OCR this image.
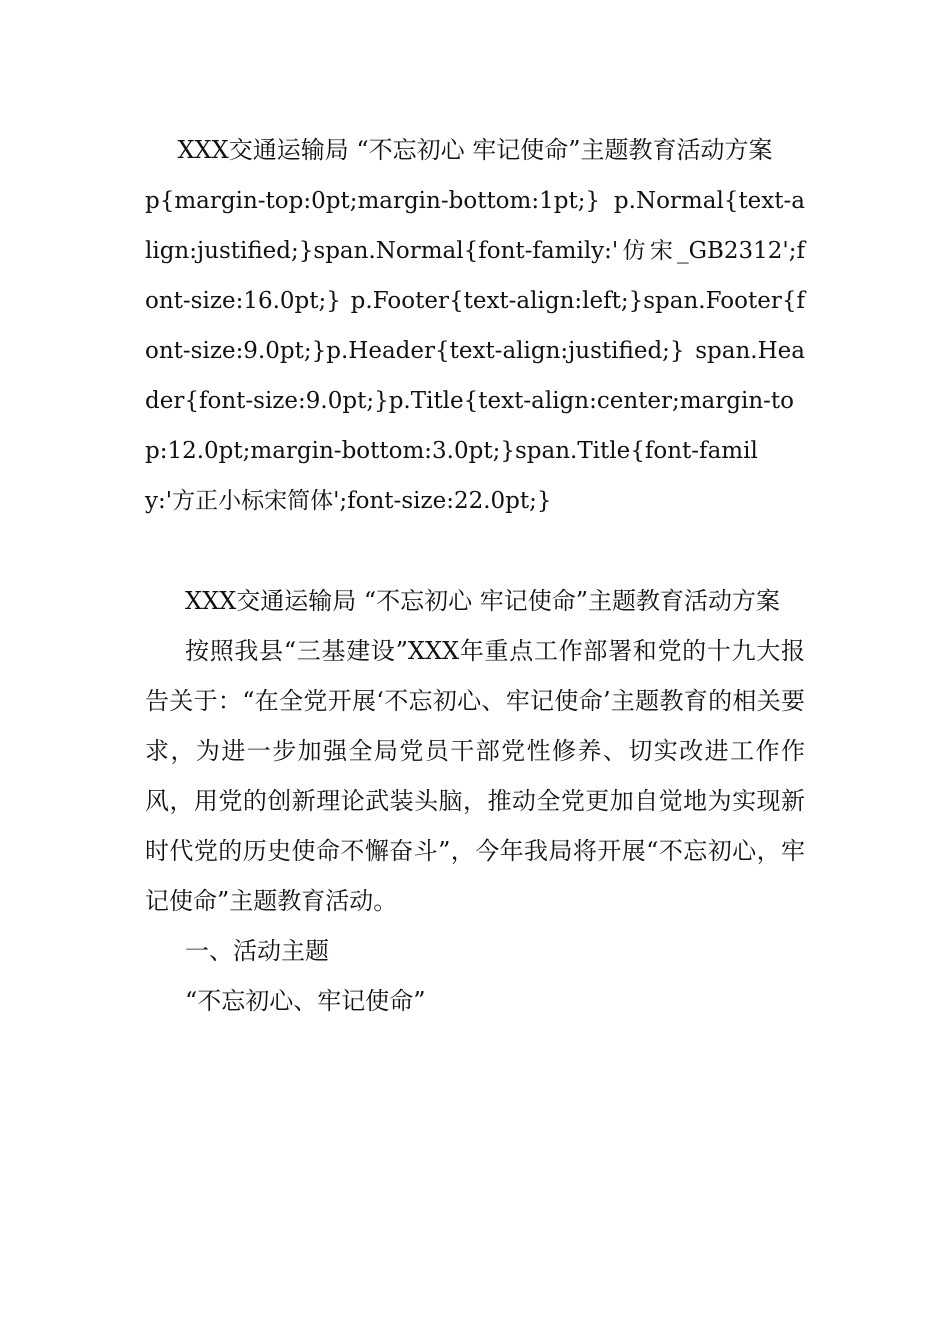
XXX交通运输局 “不忘初心 牢记使命”主题教育活动方案

p{margin-top:0pt;margin-bottom:1pt;} p.Normal{text-align:justified;}span.Normal{font-family:'仿宋_GB2312';font-size:16.0pt;} p.Footer{text-align:left;}span.Footer{font-size:9.0pt;}p.Header{text-align:justified;} span.Header{font-size:9.0pt;}p.Title{text-align:center;margin-top:12.0pt;margin-bottom:3.0pt;}span.Title{font-family:'方正小标宋简体';font-size:22.0pt;}

XXX交通运输局 “不忘初心 牢记使命”主题教育活动方案

按照我县“三基建设”XXX年重点工作部署和党的十九大报告关于：“在全党开展‘不忘初心、牢记使命’主题教育的相关要求，为进一步加强全局党员干部党性修养、切实改进工作作风，用党的创新理论武装头脑，推动全党更加自觉地为实现新时代党的历史使命不懈奋斗”，今年我局将开展“不忘初心，牢记使命”主题教育活动。

一、活动主题

“不忘初心、牢记使命”
